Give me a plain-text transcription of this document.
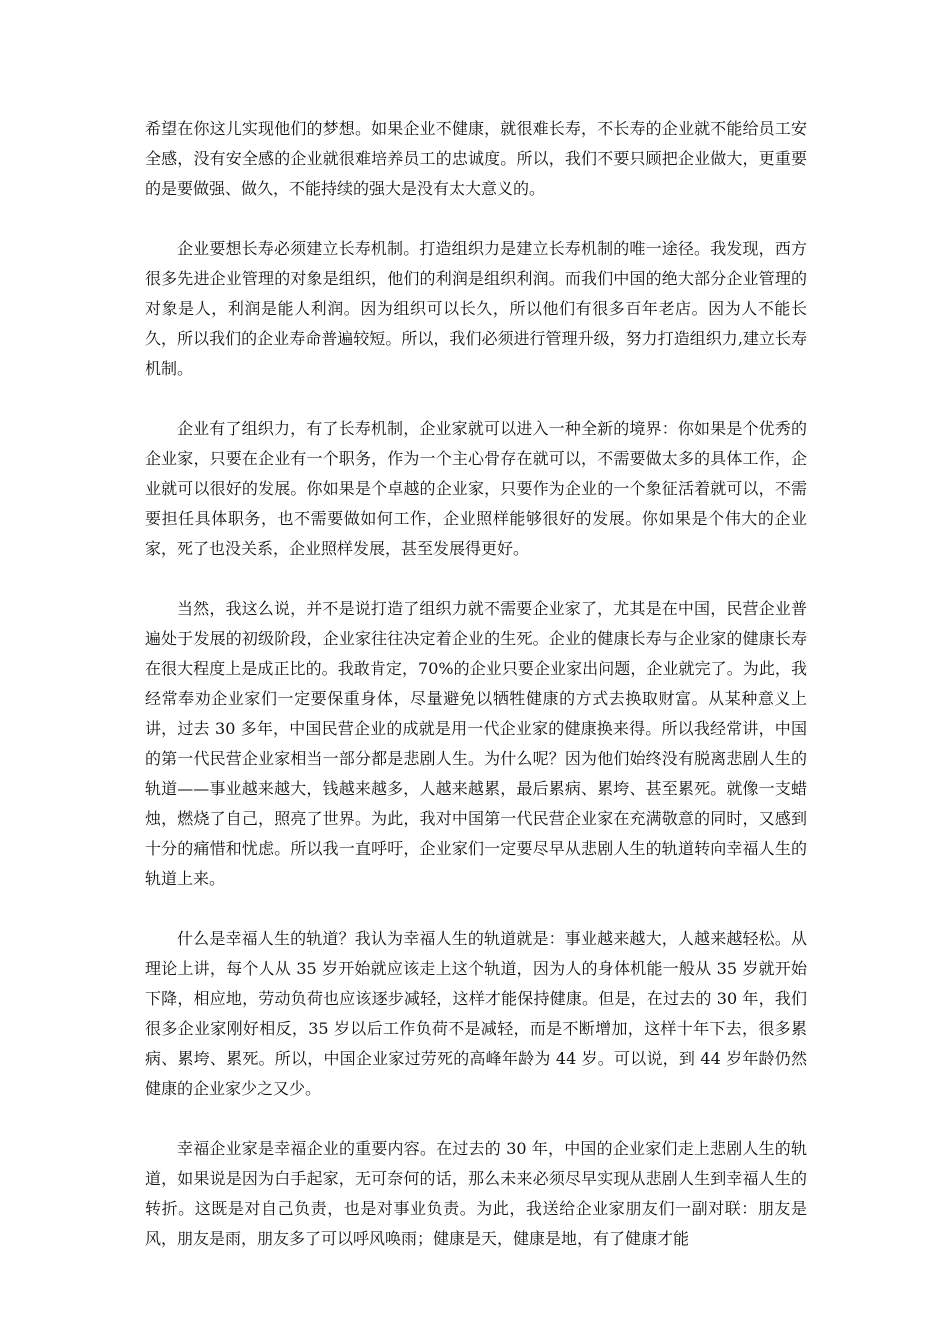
希望在你这儿实现他们的梦想。如果企业不健康，就很难长寿，不长寿的企业就不能给员工安全感，没有安全感的企业就很难培养员工的忠诚度。所以，我们不要只顾把企业做大，更重要的是要做强、做久，不能持续的强大是没有太大意义的。

企业要想长寿必须建立长寿机制。打造组织力是建立长寿机制的唯一途径。我发现，西方很多先进企业管理的对象是组织，他们的利润是组织利润。而我们中国的绝大部分企业管理的对象是人，利润是能人利润。因为组织可以长久，所以他们有很多百年老店。因为人不能长久，所以我们的企业寿命普遍较短。所以，我们必须进行管理升级，努力打造组织力,建立长寿机制。

企业有了组织力，有了长寿机制，企业家就可以进入一种全新的境界：你如果是个优秀的企业家，只要在企业有一个职务，作为一个主心骨存在就可以，不需要做太多的具体工作，企业就可以很好的发展。你如果是个卓越的企业家，只要作为企业的一个象征活着就可以，不需要担任具体职务，也不需要做如何工作，企业照样能够很好的发展。你如果是个伟大的企业家，死了也没关系，企业照样发展，甚至发展得更好。

当然，我这么说，并不是说打造了组织力就不需要企业家了，尤其是在中国，民营企业普遍处于发展的初级阶段，企业家往往决定着企业的生死。企业的健康长寿与企业家的健康长寿在很大程度上是成正比的。我敢肯定，70%的企业只要企业家出问题，企业就完了。为此，我经常奉劝企业家们一定要保重身体，尽量避免以牺牲健康的方式去换取财富。从某种意义上讲，过去 30 多年，中国民营企业的成就是用一代企业家的健康换来得。所以我经常讲，中国的第一代民营企业家相当一部分都是悲剧人生。为什么呢？因为他们始终没有脱离悲剧人生的轨道——事业越来越大，钱越来越多，人越来越累，最后累病、累垮、甚至累死。就像一支蜡烛，燃烧了自己，照亮了世界。为此，我对中国第一代民营企业家在充满敬意的同时，又感到十分的痛惜和忧虑。所以我一直呼吁，企业家们一定要尽早从悲剧人生的轨道转向幸福人生的轨道上来。

什么是幸福人生的轨道？我认为幸福人生的轨道就是：事业越来越大，人越来越轻松。从理论上讲，每个人从 35 岁开始就应该走上这个轨道，因为人的身体机能一般从 35 岁就开始下降，相应地，劳动负荷也应该逐步减轻，这样才能保持健康。但是，在过去的 30 年，我们很多企业家刚好相反，35 岁以后工作负荷不是减轻，而是不断增加，这样十年下去，很多累病、累垮、累死。所以，中国企业家过劳死的高峰年龄为 44 岁。可以说，到 44 岁年龄仍然健康的企业家少之又少。

幸福企业家是幸福企业的重要内容。在过去的 30 年，中国的企业家们走上悲剧人生的轨道，如果说是因为白手起家，无可奈何的话，那么未来必须尽早实现从悲剧人生到幸福人生的转折。这既是对自己负责，也是对事业负责。为此，我送给企业家朋友们一副对联：朋友是风，朋友是雨，朋友多了可以呼风唤雨；健康是天，健康是地，有了健康才能
